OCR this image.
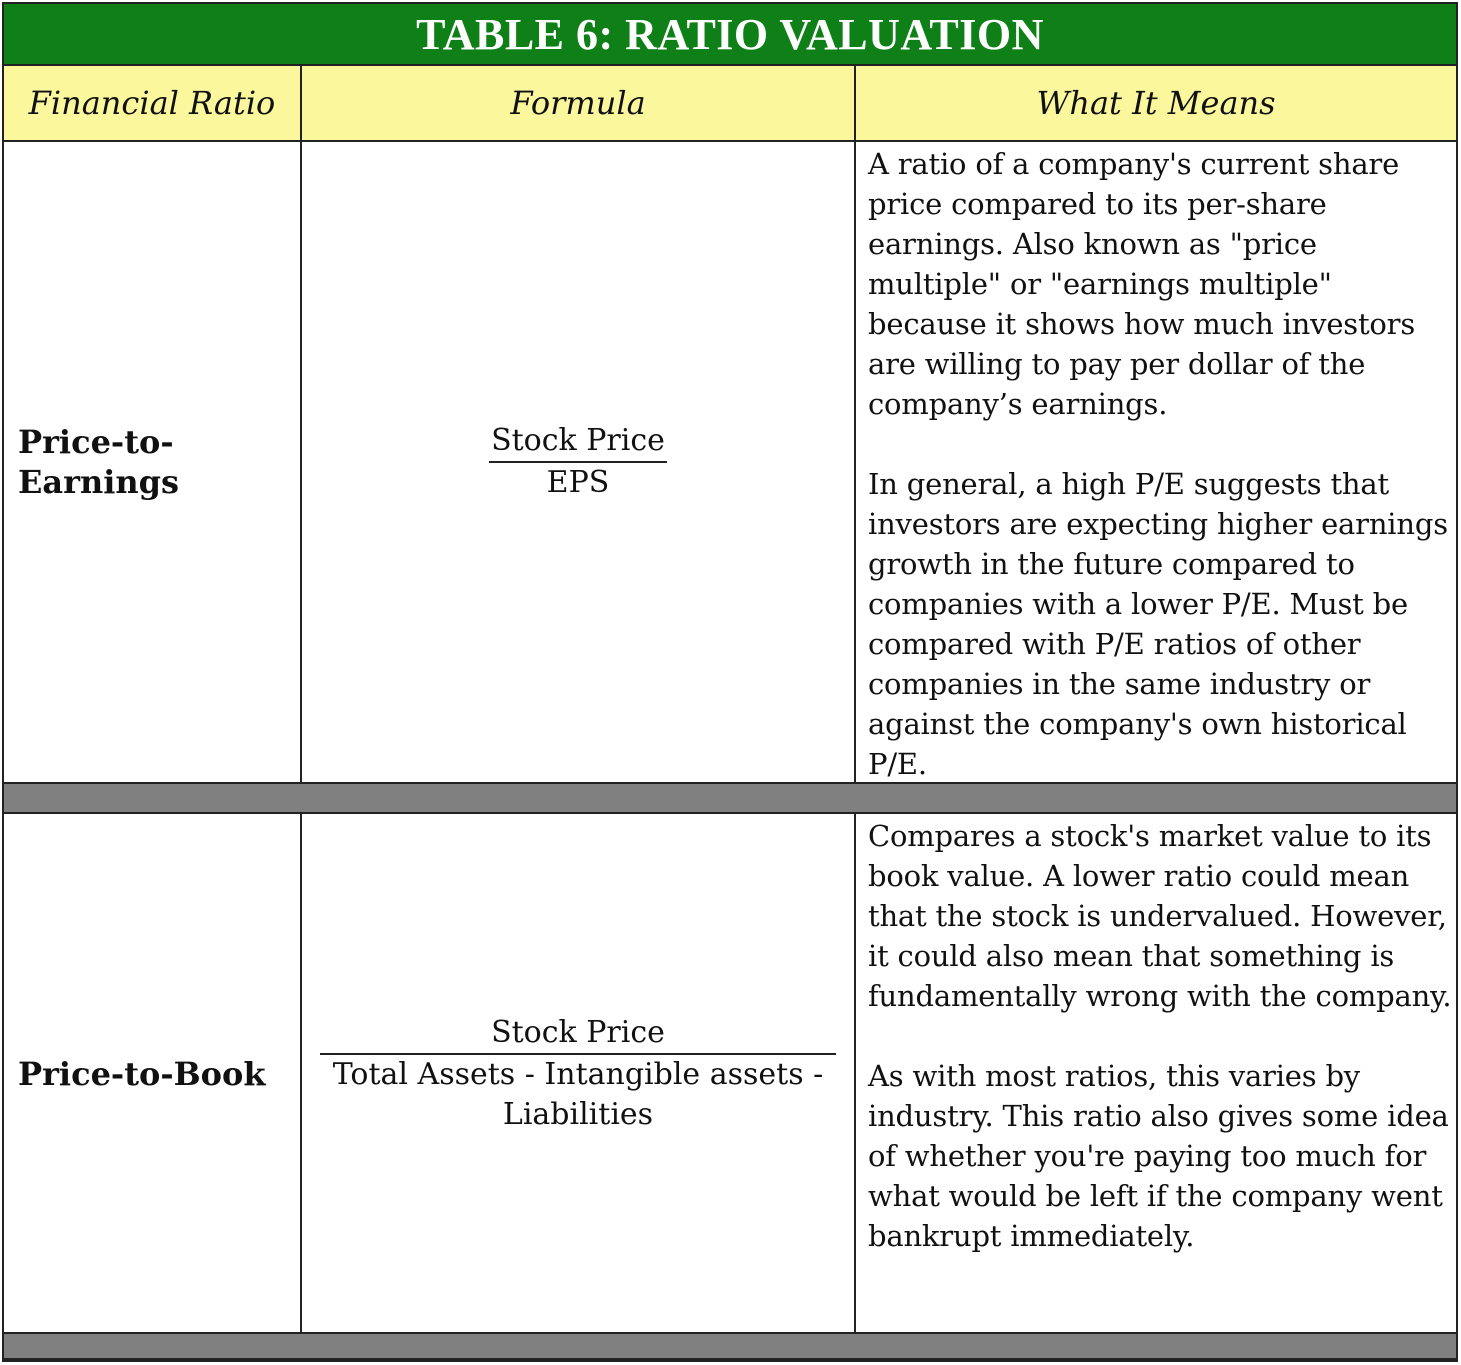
TABLE 6: RATIO VALUATION
Financial Ratio	Formula	What It Means
Price-to-
Earnings
Stock Price
EPS

A ratio of a company's current share price compared to its per-share earnings. Also known as "price multiple" or "earnings multiple" because it shows how much investors are willing to pay per dollar of the company’s earnings.

In general, a high P/E suggests that investors are expecting higher earnings growth in the future compared to companies with a lower P/E. Must be compared with P/E ratios of other companies in the same industry or against the company's own historical P/E.

Price-to-Book
Stock Price
Total Assets - Intangible assets - Liabilities

Compares a stock's market value to its book value. A lower ratio could mean that the stock is undervalued. However, it could also mean that something is fundamentally wrong with the company.

As with most ratios, this varies by industry. This ratio also gives some idea of whether you're paying too much for what would be left if the company went bankrupt immediately.
